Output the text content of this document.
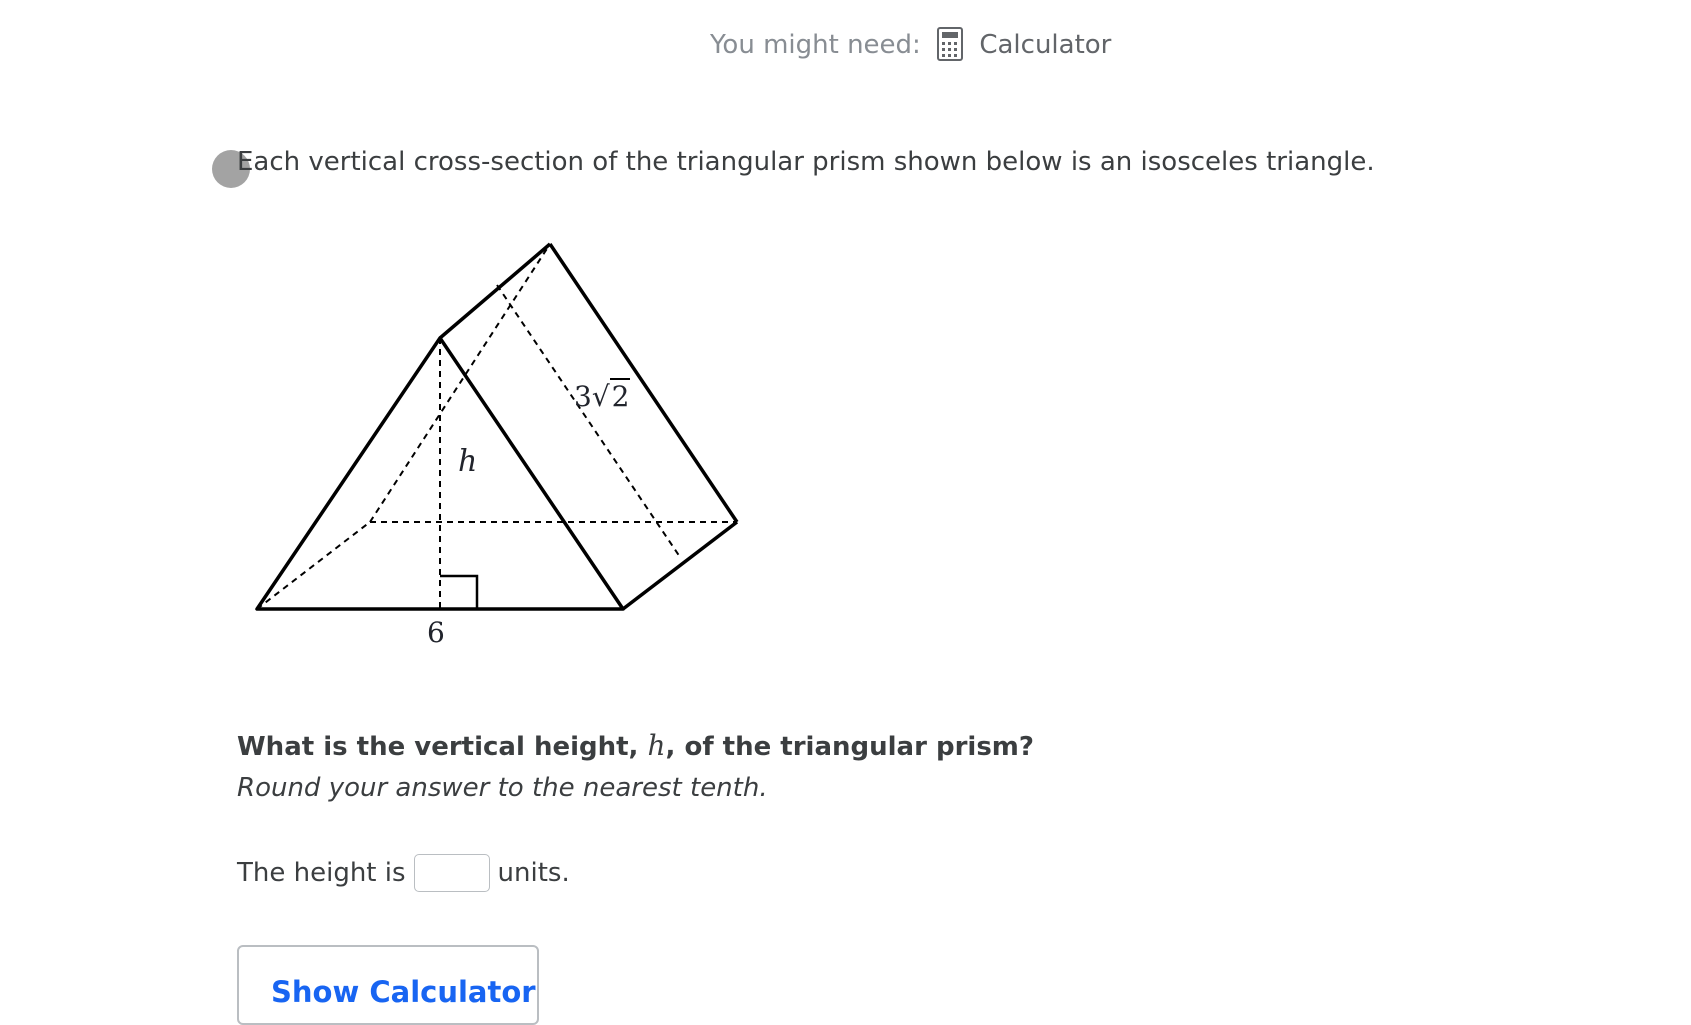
You might need: Calculator
Each vertical cross-section of the triangular prism shown below is an isosceles triangle.
6
h
3√2
What is the vertical height, h, of the triangular prism?
Round your answer to the nearest tenth.
The height is	units.
Show Calculator
